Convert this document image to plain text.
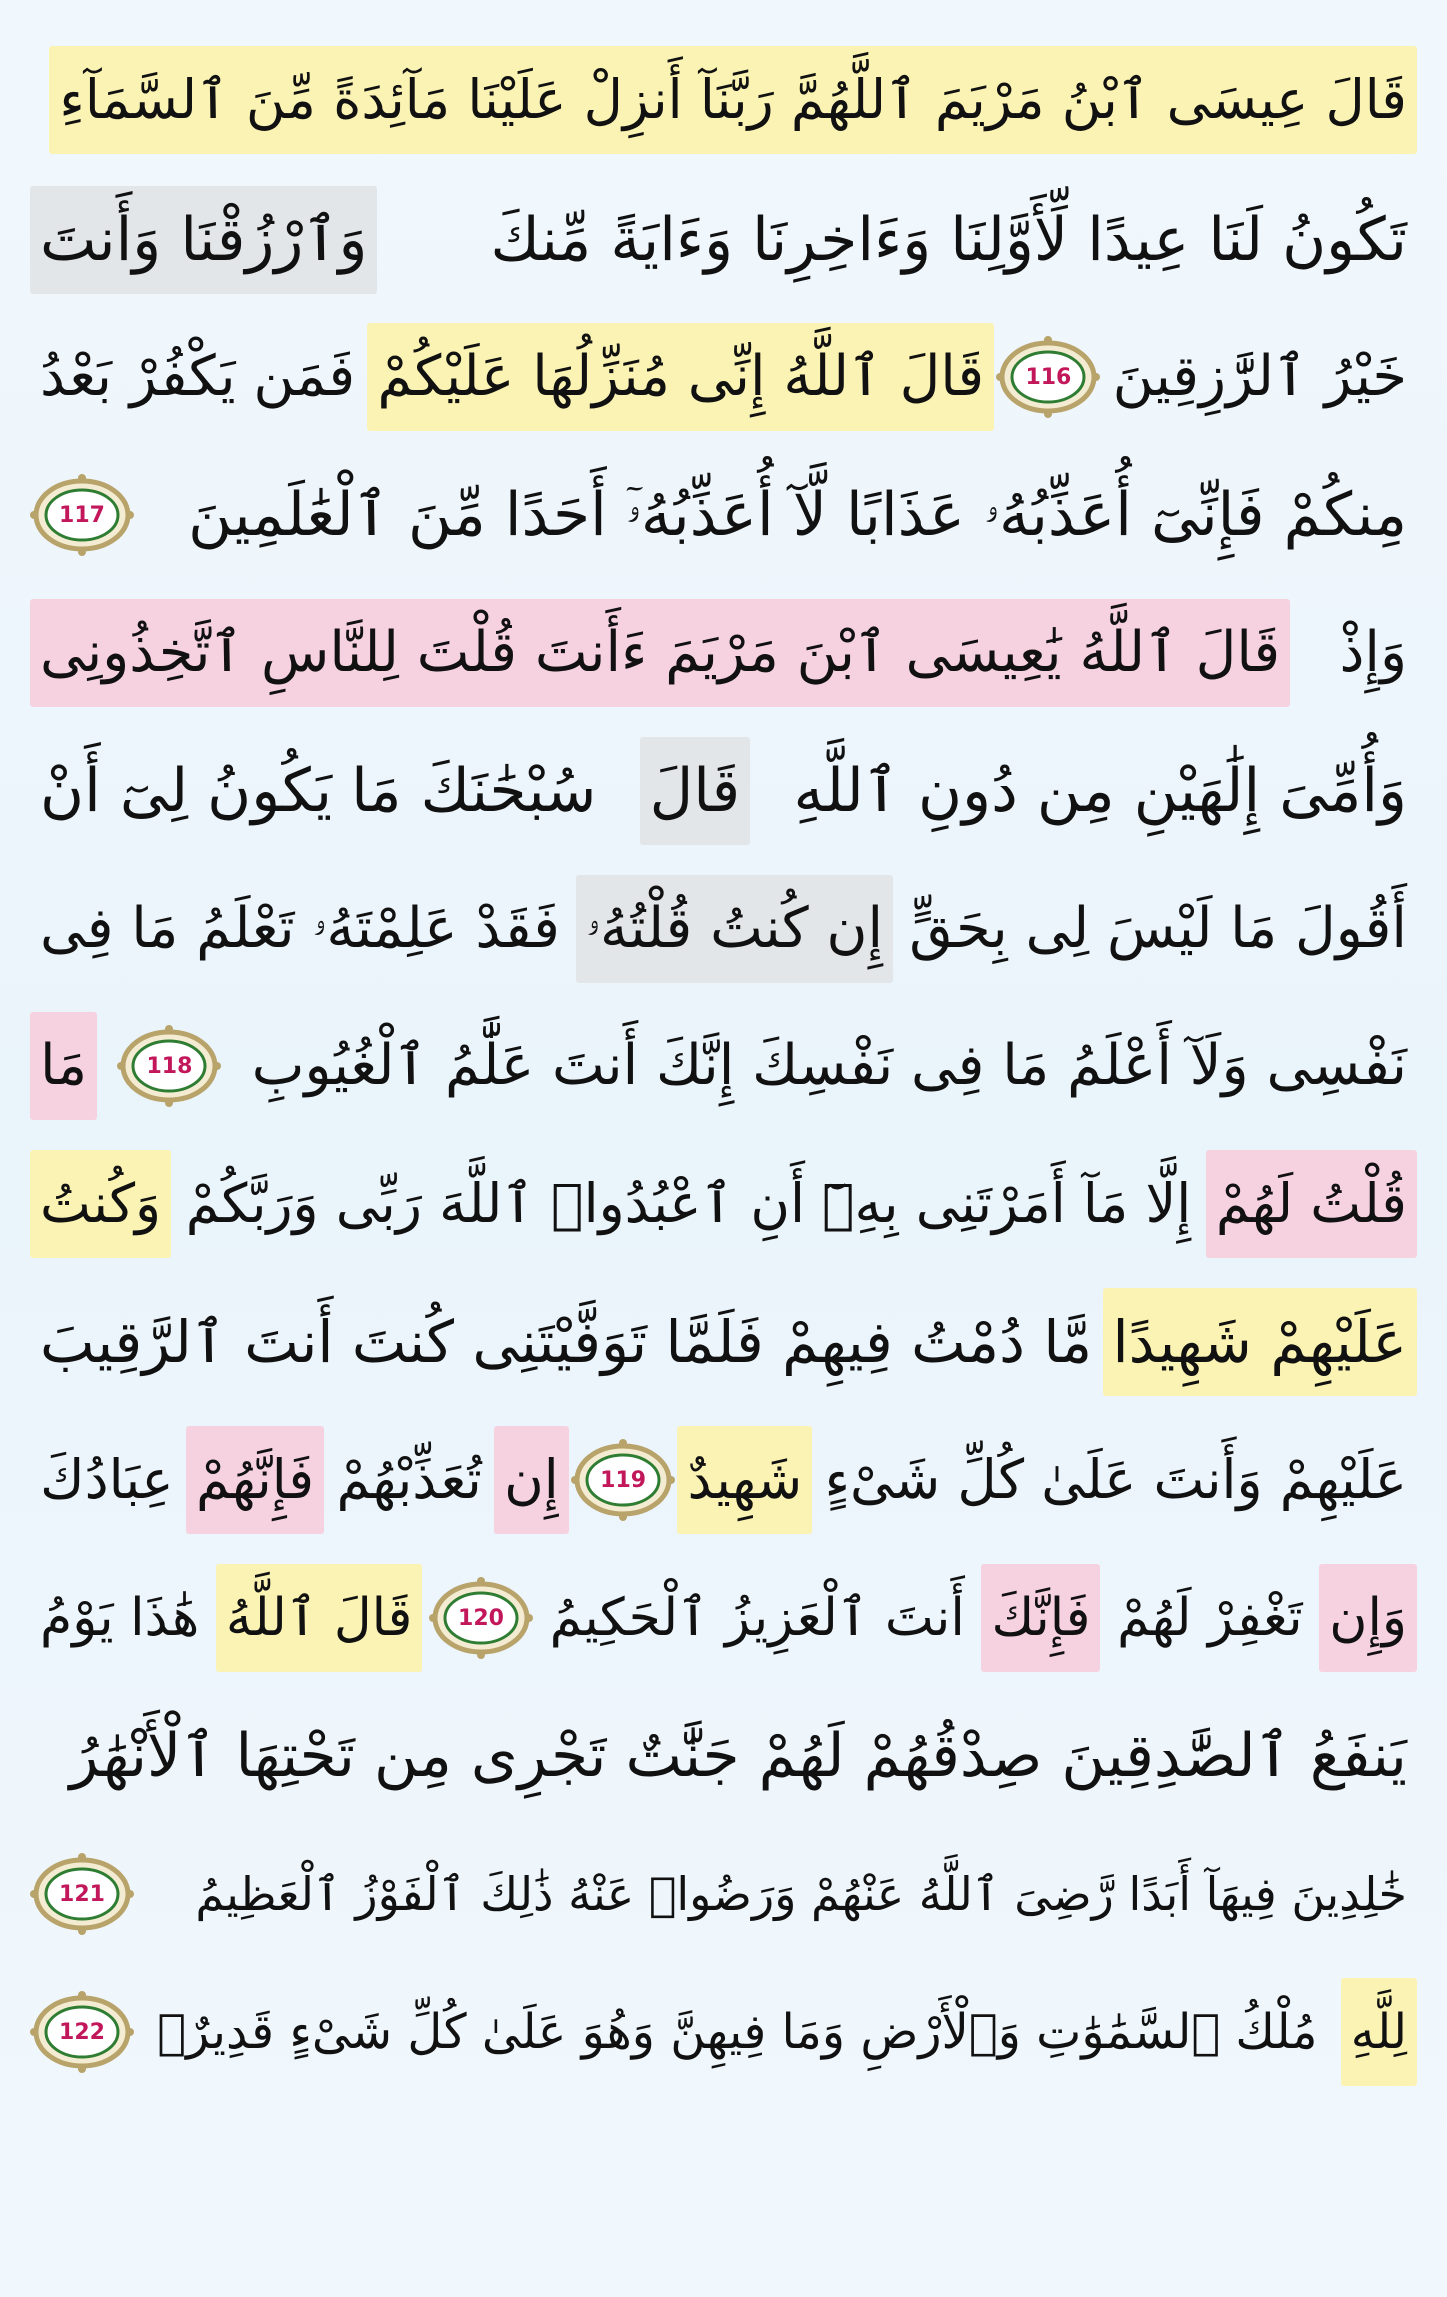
قَالَ عِيسَى ٱبْنُ مَرْيَمَ ٱللَّهُمَّ رَبَّنَآ أَنزِلْ عَلَيْنَا مَآئِدَةً مِّنَ ٱلسَّمَآءِ
تَكُونُ لَنَا عِيدًا لِّأَوَّلِنَا وَءَاخِرِنَا وَءَايَةً مِّنكَ
وَٱرْزُقْنَا وَأَنتَ
خَيْرُ ٱلرَّٰزِقِينَ
116
قَالَ ٱللَّهُ إِنِّى مُنَزِّلُهَا عَلَيْكُمْ
فَمَن يَكْفُرْ بَعْدُ
مِنكُمْ فَإِنِّىٓ أُعَذِّبُهُۥ عَذَابًا لَّآ أُعَذِّبُهُۥٓ أَحَدًا مِّنَ ٱلْعَٰلَمِينَ
117
وَإِذْ
قَالَ ٱللَّهُ يَٰعِيسَى ٱبْنَ مَرْيَمَ ءَأَنتَ قُلْتَ لِلنَّاسِ ٱتَّخِذُونِى
وَأُمِّىَ إِلَٰهَيْنِ مِن دُونِ ٱللَّهِ
قَالَ
سُبْحَٰنَكَ مَا يَكُونُ لِىٓ أَنْ
أَقُولَ مَا لَيْسَ لِى بِحَقٍّ
إِن كُنتُ قُلْتُهُۥ
فَقَدْ عَلِمْتَهُۥ تَعْلَمُ مَا فِى
نَفْسِى وَلَآ أَعْلَمُ مَا فِى نَفْسِكَ إِنَّكَ أَنتَ عَلَّٰمُ ٱلْغُيُوبِ
118
مَا
قُلْتُ لَهُمْ
إِلَّا مَآ أَمَرْتَنِى بِهِۦٓ أَنِ ٱعْبُدُوا۟ ٱللَّهَ رَبِّى وَرَبَّكُمْ
وَكُنتُ
عَلَيْهِمْ شَهِيدًا
مَّا دُمْتُ فِيهِمْ فَلَمَّا تَوَفَّيْتَنِى كُنتَ أَنتَ ٱلرَّقِيبَ
عَلَيْهِمْ وَأَنتَ عَلَىٰ كُلِّ شَىْءٍ
شَهِيدٌ
119
إِن
تُعَذِّبْهُمْ
فَإِنَّهُمْ
عِبَادُكَ
وَإِن
تَغْفِرْ لَهُمْ
فَإِنَّكَ
أَنتَ ٱلْعَزِيزُ ٱلْحَكِيمُ
120
قَالَ ٱللَّهُ
هَٰذَا يَوْمُ
يَنفَعُ ٱلصَّٰدِقِينَ صِدْقُهُمْ لَهُمْ جَنَّٰتٌ تَجْرِى مِن تَحْتِهَا ٱلْأَنْهَٰرُ
خَٰلِدِينَ فِيهَآ أَبَدًا رَّضِىَ ٱللَّهُ عَنْهُمْ وَرَضُوا۟ عَنْهُ ذَٰلِكَ ٱلْفَوْزُ ٱلْعَظِيمُ
121
لِلَّهِ
مُلْكُ ٱلسَّمَٰوَٰتِ وَٱلْأَرْضِ وَمَا فِيهِنَّ وَهُوَ عَلَىٰ كُلِّ شَىْءٍ قَدِيرٌۢ
122
